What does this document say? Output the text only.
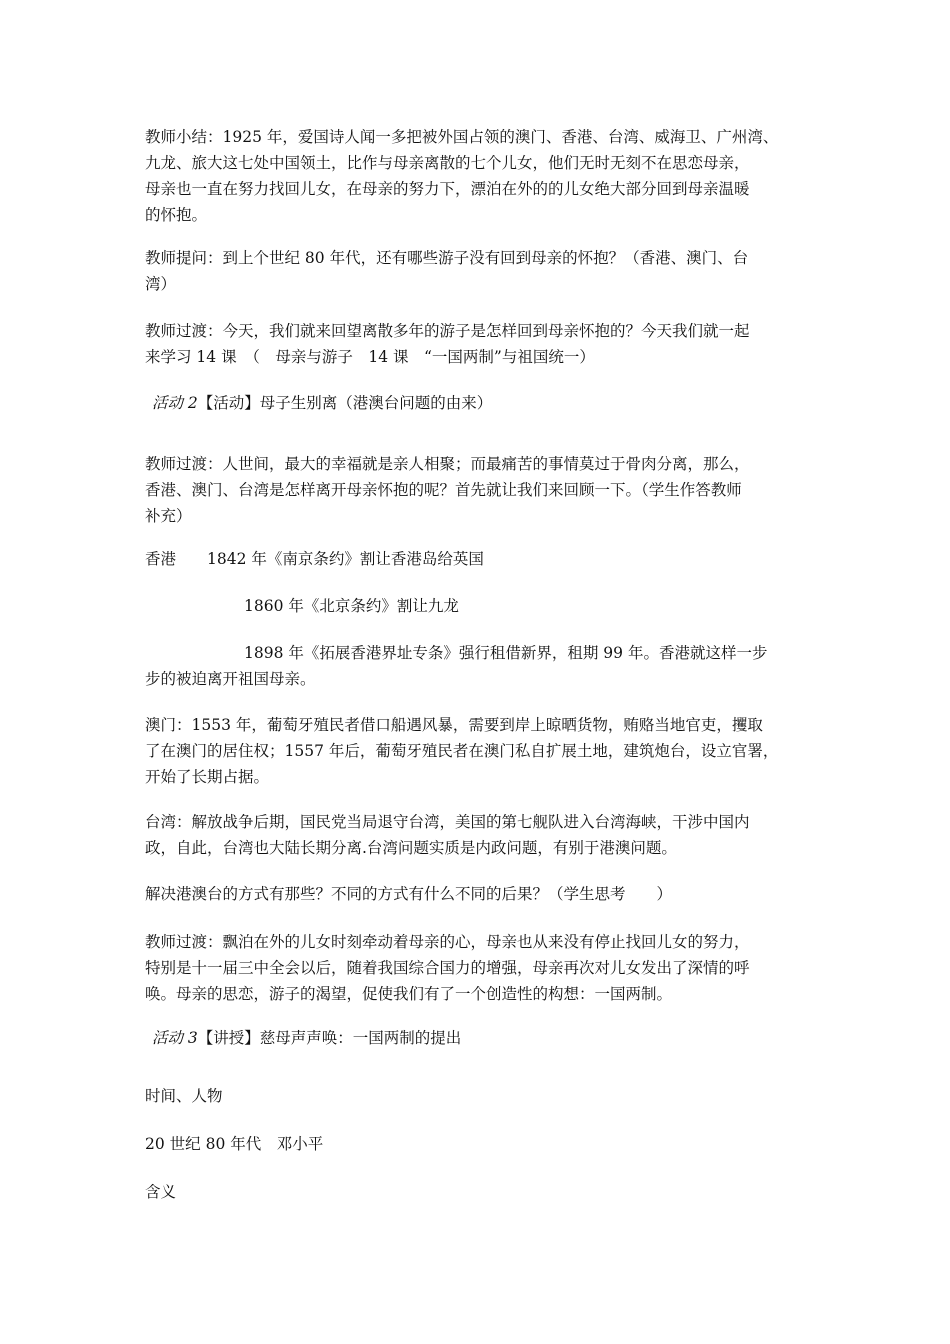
教师小结：1925 年，爱国诗人闻一多把被外国占领的澳门、香港、台湾、威海卫、广州湾、
九龙、旅大这七处中国领土，比作与母亲离散的七个儿女，他们无时无刻不在思恋母亲，
母亲也一直在努力找回儿女，在母亲的努力下，漂泊在外的的儿女绝大部分回到母亲温暖
的怀抱。
教师提问：到上个世纪 80 年代，还有哪些游子没有回到母亲的怀抱？（香港、澳门、台
湾）
教师过渡：今天，我们就来回望离散多年的游子是怎样回到母亲怀抱的？今天我们就一起
来学习 14 课　（　母亲与游子　14 课　“一国两制”与祖国统一）
活动 2【活动】母子生别离（港澳台问题的由来）
教师过渡：人世间，最大的幸福就是亲人相聚；而最痛苦的事情莫过于骨肉分离，那么，
香港、澳门、台湾是怎样离开母亲怀抱的呢？首先就让我们来回顾一下。（学生作答教师
补充）
香港　　1842 年《南京条约》割让香港岛给英国
1860 年《北京条约》割让九龙
1898 年《拓展香港界址专条》强行租借新界，租期 99 年。香港就这样一步
步的被迫离开祖国母亲。
澳门：1553 年，葡萄牙殖民者借口船遇风暴，需要到岸上晾晒货物，贿赂当地官吏，攫取
了在澳门的居住权；1557 年后，葡萄牙殖民者在澳门私自扩展土地，建筑炮台，设立官署，
开始了长期占据。
台湾：解放战争后期，国民党当局退守台湾，美国的第七舰队进入台湾海峡，干涉中国内
政，自此，台湾也大陆长期分离.台湾问题实质是内政问题，有别于港澳问题。
解决港澳台的方式有那些？不同的方式有什么不同的后果？（学生思考　　）
教师过渡：飘泊在外的儿女时刻牵动着母亲的心，母亲也从来没有停止找回儿女的努力，
特别是十一届三中全会以后，随着我国综合国力的增强，母亲再次对儿女发出了深情的呼
唤。母亲的思恋，游子的渴望，促使我们有了一个创造性的构想：一国两制。
活动 3【讲授】慈母声声唤：一国两制的提出
时间、人物
20 世纪 80 年代　邓小平
含义
